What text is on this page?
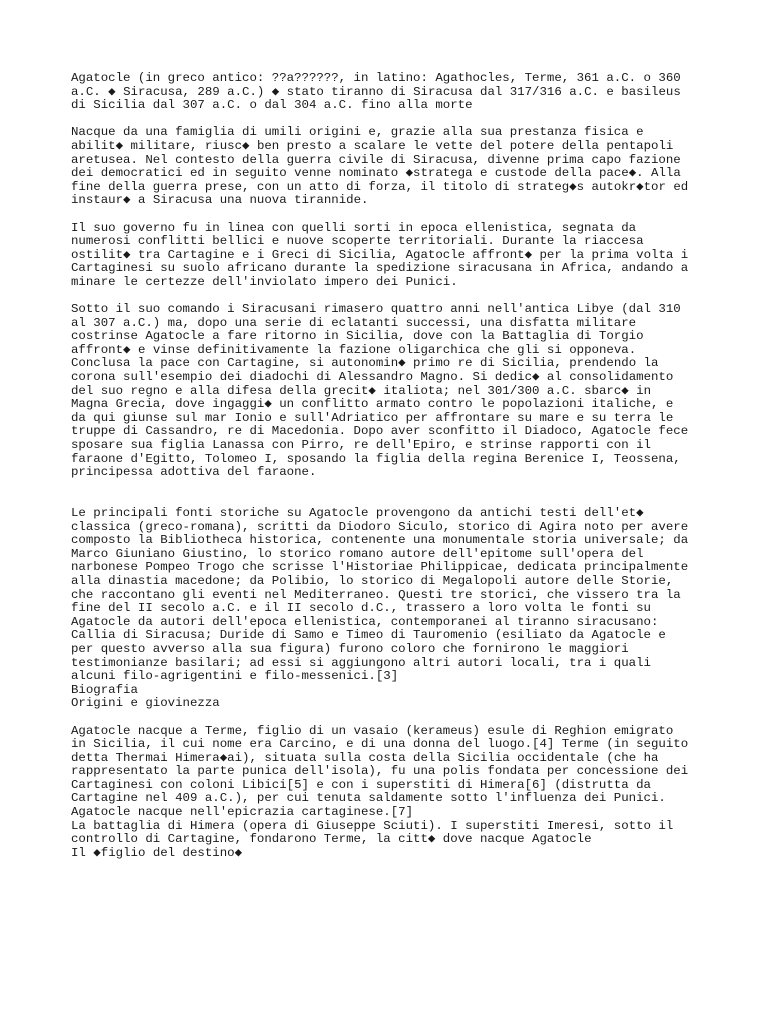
Agatocle (in greco antico: ??a??????, in latino: Agathocles, Terme, 361 a.C. o 360
a.C. ◆ Siracusa, 289 a.C.) ◆ stato tiranno di Siracusa dal 317/316 a.C. e basileus
di Sicilia dal 307 a.C. o dal 304 a.C. fino alla morte

Nacque da una famiglia di umili origini e, grazie alla sua prestanza fisica e
abilit◆ militare, riusc◆ ben presto a scalare le vette del potere della pentapoli
aretusea. Nel contesto della guerra civile di Siracusa, divenne prima capo fazione
dei democratici ed in seguito venne nominato ◆stratega e custode della pace◆. Alla
fine della guerra prese, con un atto di forza, il titolo di strateg◆s autokr◆tor ed
instaur◆ a Siracusa una nuova tirannide.

Il suo governo fu in linea con quelli sorti in epoca ellenistica, segnata da
numerosi conflitti bellici e nuove scoperte territoriali. Durante la riaccesa
ostilit◆ tra Cartagine e i Greci di Sicilia, Agatocle affront◆ per la prima volta i
Cartaginesi su suolo africano durante la spedizione siracusana in Africa, andando a
minare le certezze dell'inviolato impero dei Punici.

Sotto il suo comando i Siracusani rimasero quattro anni nell'antica Libye (dal 310
al 307 a.C.) ma, dopo una serie di eclatanti successi, una disfatta militare
costrinse Agatocle a fare ritorno in Sicilia, dove con la Battaglia di Torgio
affront◆ e vinse definitivamente la fazione oligarchica che gli si opponeva.
Conclusa la pace con Cartagine, si autonomin◆ primo re di Sicilia, prendendo la
corona sull'esempio dei diadochi di Alessandro Magno. Si dedic◆ al consolidamento
del suo regno e alla difesa della grecit◆ italiota; nel 301/300 a.C. sbarc◆ in
Magna Grecia, dove ingaggi◆ un conflitto armato contro le popolazioni italiche, e
da qui giunse sul mar Ionio e sull'Adriatico per affrontare su mare e su terra le
truppe di Cassandro, re di Macedonia. Dopo aver sconfitto il Diadoco, Agatocle fece
sposare sua figlia Lanassa con Pirro, re dell'Epiro, e strinse rapporti con il
faraone d'Egitto, Tolomeo I, sposando la figlia della regina Berenice I, Teossena,
principessa adottiva del faraone.

Le principali fonti storiche su Agatocle provengono da antichi testi dell'et◆
classica (greco-romana), scritti da Diodoro Siculo, storico di Agira noto per avere
composto la Bibliotheca historica, contenente una monumentale storia universale; da
Marco Giuniano Giustino, lo storico romano autore dell'epitome sull'opera del
narbonese Pompeo Trogo che scrisse l'Historiae Philippicae, dedicata principalmente
alla dinastia macedone; da Polibio, lo storico di Megalopoli autore delle Storie,
che raccontano gli eventi nel Mediterraneo. Questi tre storici, che vissero tra la
fine del II secolo a.C. e il II secolo d.C., trassero a loro volta le fonti su
Agatocle da autori dell'epoca ellenistica, contemporanei al tiranno siracusano:
Callia di Siracusa; Duride di Samo e Timeo di Tauromenio (esiliato da Agatocle e
per questo avverso alla sua figura) furono coloro che fornirono le maggiori
testimonianze basilari; ad essi si aggiungono altri autori locali, tra i quali
alcuni filo-agrigentini e filo-messenici.[3]
Biografia
Origini e giovinezza

Agatocle nacque a Terme, figlio di un vasaio (kerameus) esule di Reghion emigrato
in Sicilia, il cui nome era Carcino, e di una donna del luogo.[4] Terme (in seguito
detta Thermai Himera◆ai), situata sulla costa della Sicilia occidentale (che ha
rappresentato la parte punica dell'isola), fu una polis fondata per concessione dei
Cartaginesi con coloni Libici[5] e con i superstiti di Himera[6] (distrutta da
Cartagine nel 409 a.C.), per cui tenuta saldamente sotto l'influenza dei Punici.
Agatocle nacque nell'epicrazia cartaginese.[7]
La battaglia di Himera (opera di Giuseppe Sciuti). I superstiti Imeresi, sotto il
controllo di Cartagine, fondarono Terme, la citt◆ dove nacque Agatocle
Il ◆figlio del destino◆
